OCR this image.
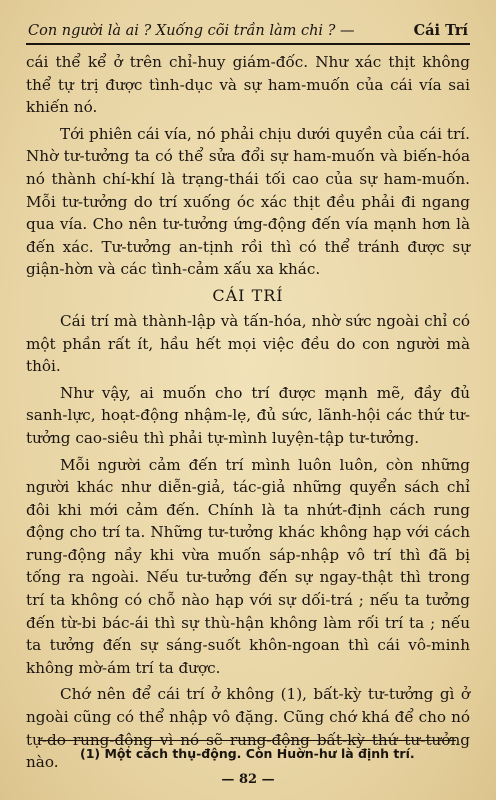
Con người là ai ? Xuống cõi trần làm chi ? —	Cái Trí

cái thể kể ở trên chỉ-huy giám-đốc. Như xác thịt không thể tự trị được tình-dục và sự ham-muốn của cái vía sai khiến nó.

Tới phiên cái vía, nó phải chịu dưới quyền của cái trí. Nhờ tư-tưởng ta có thể sửa đổi sự ham-muốn và biến-hóa nó thành chí-khí là trạng-thái tối cao của sự ham-muốn. Mỗi tư-tưởng do trí xuống óc xác thịt đều phải đi ngang qua vía. Cho nên tư-tưởng ứng-động đến vía mạnh hơn là đến xác. Tư-tưởng an-tịnh rồi thì có thể tránh được sự giận-hờn và các tình-cảm xấu xa khác.

CÁI TRÍ

Cái trí mà thành-lập và tấn-hóa, nhờ sức ngoài chỉ có một phần rất ít, hầu hết mọi việc đều do con người mà thôi.

Như vậy, ai muốn cho trí được mạnh mẽ, đầy đủ sanh-lực, hoạt-động nhậm-lẹ, đủ sức, lãnh-hội các thứ tư-tưởng cao-siêu thì phải tự-mình luyện-tập tư-tưởng.

Mỗi người cảm đến trí mình luôn luôn, còn những người khác như diễn-giả, tác-giả những quyển sách chỉ đôi khi mới cảm đến. Chính là ta nhứt-định cách rung động cho trí ta. Những tư-tưởng khác không hạp với cách rung-động nầy khi vừa muốn sáp-nhập vô trí thì đã bị tống ra ngoài. Nếu tư-tưởng đến sự ngay-thật thì trong trí ta không có chỗ nào hạp với sự dối-trá ; nếu ta tưởng đến từ-bi bác-ái thì sự thù-hận không làm rối trí ta ; nếu ta tưởng đến sự sáng-suốt khôn-ngoan thì cái vô-minh không mờ-ám trí ta được.

Chớ nên để cái trí ở không (1), bất-kỳ tư-tưởng gì ở ngoài cũng có thể nhập vô đặng. Cũng chớ khá để cho nó tự-do rung-động vì nó sẽ rung-động bất-kỳ thứ tư-tưởng nào.	(1) Một cách thụ-động. Còn Huờn-hư là định trí.
— 82 —
